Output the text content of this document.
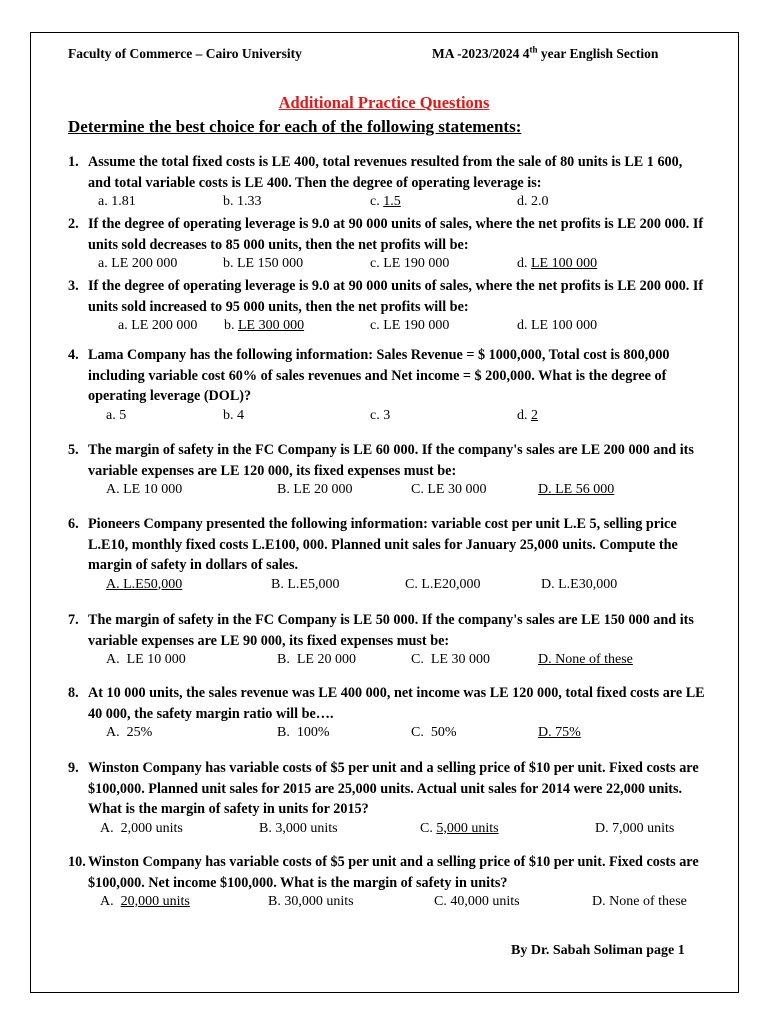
Faculty of Commerce – Cairo University	MA -2023/2024 4th year English Section
Additional Practice Questions
Determine the best choice for each of the following statements:
1. Assume the total fixed costs is LE 400, total revenues resulted from the sale of 80 units is LE 1 600, and total variable costs is LE 400. Then the degree of operating leverage is:
a. 1.81	b. 1.33	c. 1.5	d. 2.0
2. If the degree of operating leverage is 9.0 at 90 000 units of sales, where the net profits is LE 200 000. If units sold decreases to 85 000 units, then the net profits will be:
a. LE 200 000	b. LE 150 000	c. LE 190 000	d. LE 100 000
3. If the degree of operating leverage is 9.0 at 90 000 units of sales, where the net profits is LE 200 000. If units sold increased to 95 000 units, then the net profits will be:
a. LE 200 000 b. LE 300 000	c. LE 190 000	d. LE 100 000
4. Lama Company has the following information: Sales Revenue = $ 1000,000, Total cost is 800,000 including variable cost 60% of sales revenues and Net income = $ 200,000. What is the degree of operating leverage (DOL)?
a. 5	b. 4	c. 3	d. 2
5. The margin of safety in the FC Company is LE 60 000. If the company's sales are LE 200 000 and its variable expenses are LE 120 000, its fixed expenses must be:
A. LE 10 000	B. LE 20 000	C. LE 30 000	D. LE 56 000
6. Pioneers Company presented the following information: variable cost per unit L.E 5, selling price L.E10, monthly fixed costs L.E100, 000. Planned unit sales for January 25,000 units. Compute the margin of safety in dollars of sales.
A. L.E50,000	B. L.E5,000	C. L.E20,000	D. L.E30,000
7. The margin of safety in the FC Company is LE 50 000. If the company's sales are LE 150 000 and its variable expenses are LE 90 000, its fixed expenses must be:
A. LE 10 000	B. LE 20 000	C. LE 30 000	D. None of these
8. At 10 000 units, the sales revenue was LE 400 000, net income was LE 120 000, total fixed costs are LE 40 000, the safety margin ratio will be….
A. 25%	B. 100%	C. 50%	D. 75%
9. Winston Company has variable costs of $5 per unit and a selling price of $10 per unit. Fixed costs are $100,000. Planned unit sales for 2015 are 25,000 units. Actual unit sales for 2014 were 22,000 units. What is the margin of safety in units for 2015?
A. 2,000 units	B. 3,000 units	C. 5,000 units	D. 7,000 units
10. Winston Company has variable costs of $5 per unit and a selling price of $10 per unit. Fixed costs are $100,000. Net income $100,000. What is the margin of safety in units?
A. 20,000 units	B. 30,000 units	C. 40,000 units	D. None of these
By Dr. Sabah Soliman page 1
